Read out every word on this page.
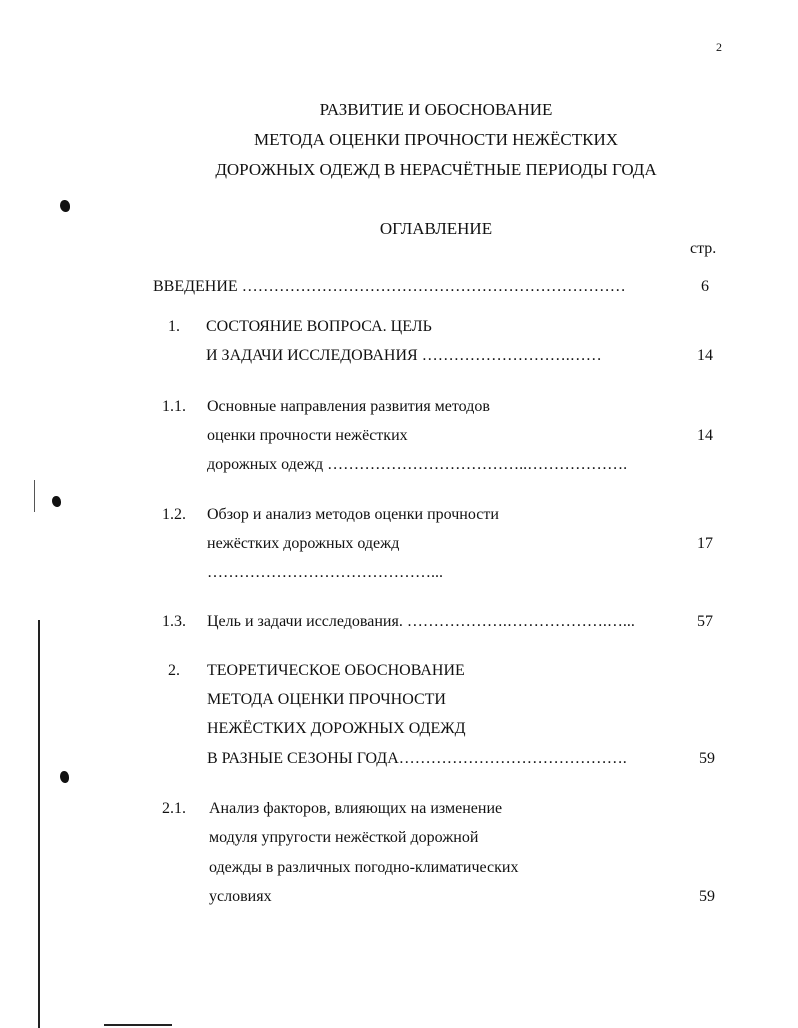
2
РАЗВИТИЕ И ОБОСНОВАНИЕ
МЕТОДА ОЦЕНКИ ПРОЧНОСТИ НЕЖЁСТКИХ
ДОРОЖНЫХ ОДЕЖД В НЕРАСЧЁТНЫЕ ПЕРИОДЫ ГОДА
ОГЛАВЛЕНИЕ
стр.
ВВЕДЕНИЕ ………………………………………………………………	6
1. СОСТОЯНИЕ ВОПРОСА. ЦЕЛЬ
И ЗАДАЧИ ИССЛЕДОВАНИЯ ……………………….……	14
1.1. Основные направления развития методов
оценки прочности нежёстких	14
дорожных одежд ………………………………..……………….
1.2. Обзор и анализ методов оценки прочности
нежёстких дорожных одежд	17
……………………………………...
1.3. Цель и задачи исследования. ……………….……………….…...	57
2. ТЕОРЕТИЧЕСКОЕ ОБОСНОВАНИЕ
МЕТОДА ОЦЕНКИ ПРОЧНОСТИ
НЕЖЁСТКИХ ДОРОЖНЫХ ОДЕЖД
В РАЗНЫЕ СЕЗОНЫ ГОДА…………………………………….	59
2.1. Анализ факторов, влияющих на изменение
модуля упругости нежёсткой дорожной
одежды в различных погодно-климатических
условиях	59
